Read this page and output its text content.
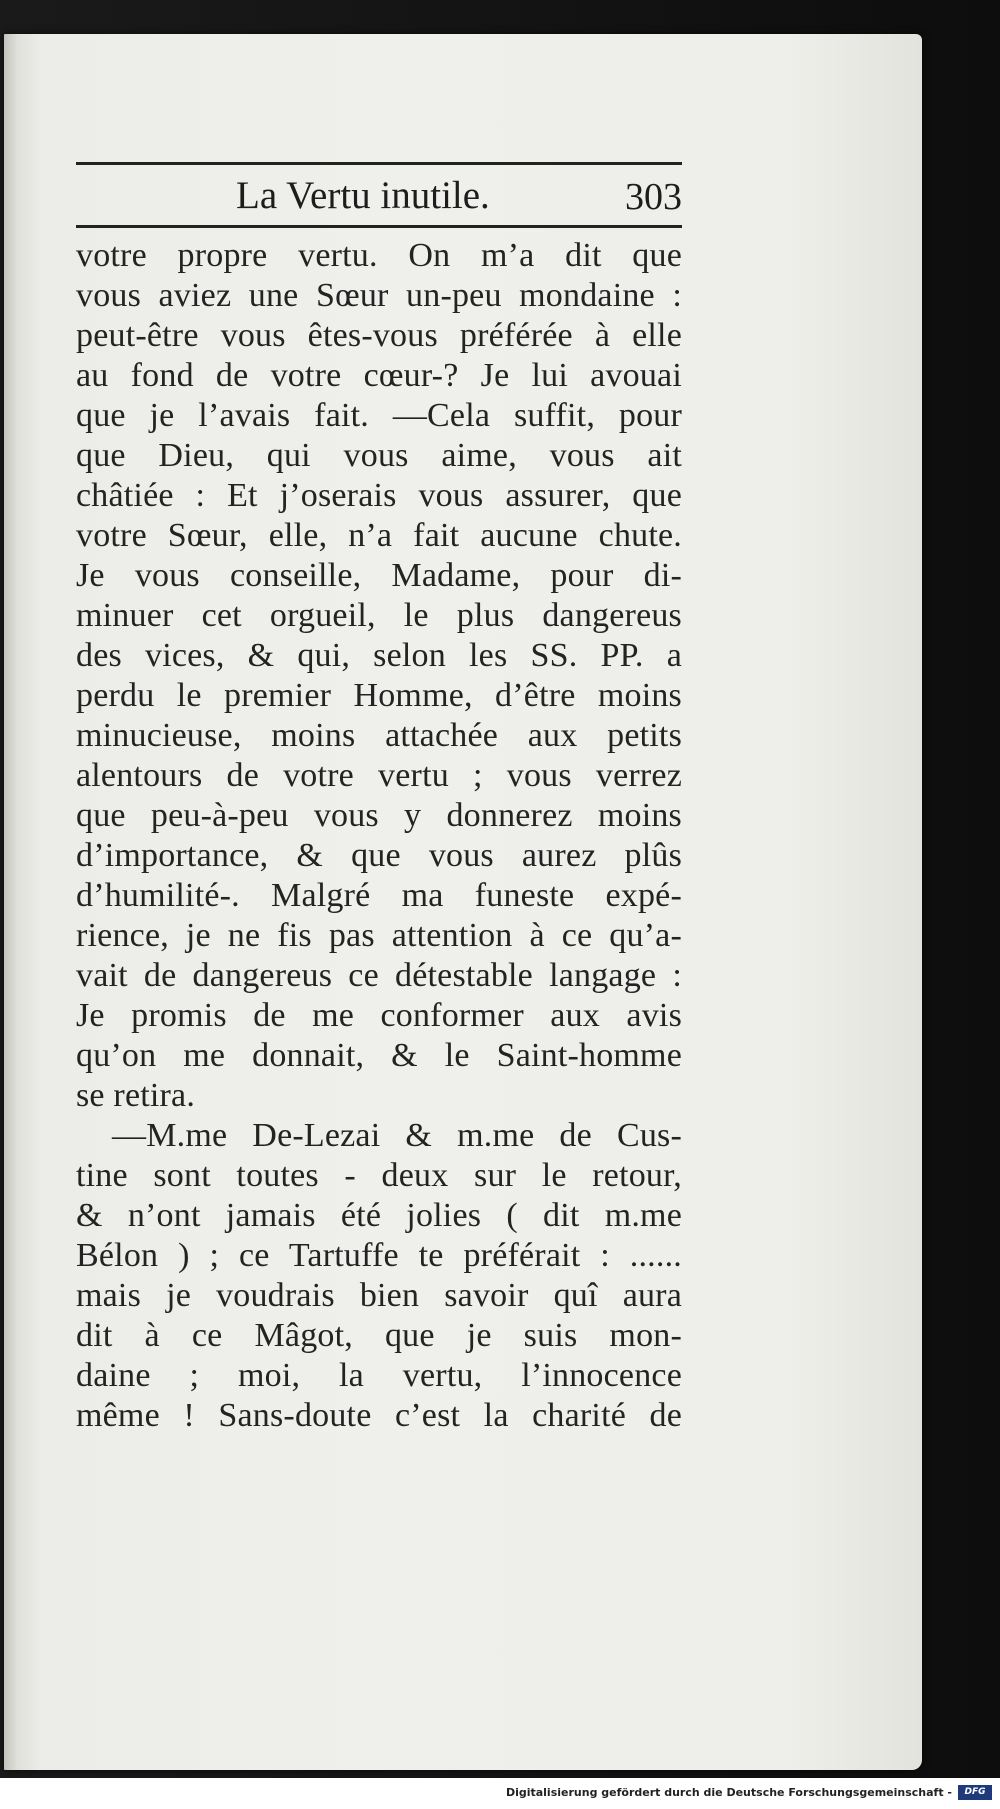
La Vertu inutile.	303
votre propre vertu. On m’a dit que
vous aviez une Sœur un-peu mondaine :
peut-être vous êtes-vous préférée à elle
au fond de votre cœur-? Je lui avouai
que je l’avais fait. —Cela suffit, pour
que Dieu, qui vous aime, vous ait
châtiée : Et j’oserais vous assurer, que
votre Sœur, elle, n’a fait aucune chute.
Je vous conseille, Madame, pour di-
minuer cet orgueil, le plus dangereus
des vices, & qui, selon les SS. PP. a
perdu le premier Homme, d’être moins
minucieuse, moins attachée aux petits
alentours de votre vertu ; vous verrez
que peu-à-peu vous y donnerez moins
d’importance, & que vous aurez plûs
d’humilité-. Malgré ma funeste expé-
rience, je ne fis pas attention à ce qu’a-
vait de dangereus ce détestable langage :
Je promis de me conformer aux avis
qu’on me donnait, & le Saint-homme
se retira.
—M.me De-Lezai & m.me de Cus-
tine sont toutes - deux sur le retour,
& n’ont jamais été jolies ( dit m.me
Bélon ) ; ce Tartuffe te préférait : ......
mais je voudrais bien savoir quî aura
dit à ce Mâgot, que je suis mon-
daine ; moi, la vertu, l’innocence
même ! Sans-doute c’est la charité de
Digitalisierung gefördert durch die Deutsche Forschungsgemeinschaft -	DFG
